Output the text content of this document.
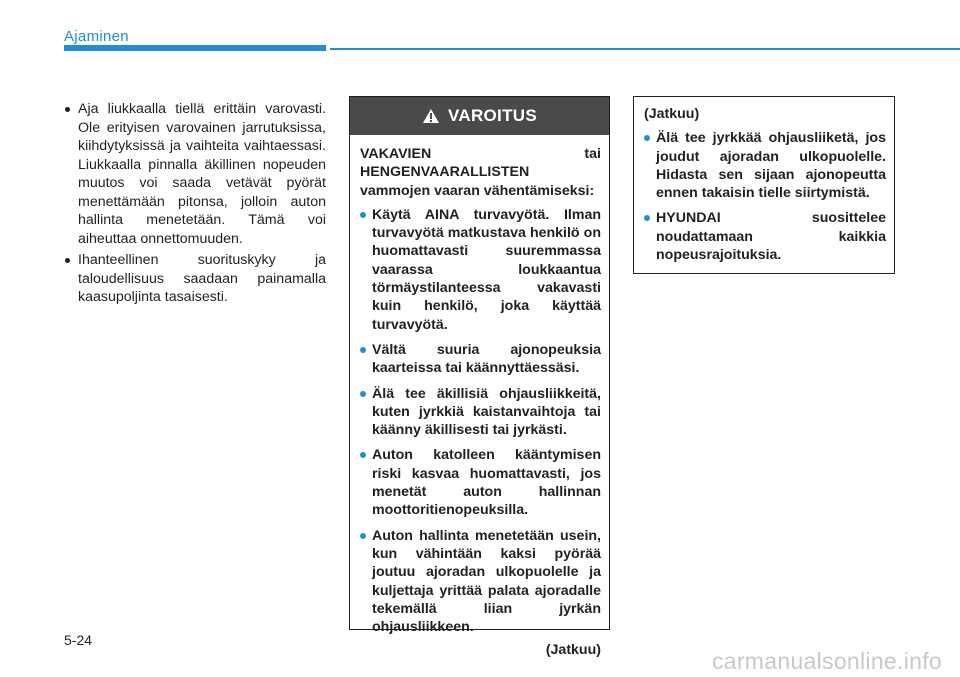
Ajaminen
Aja liukkaalla tiellä erittäin varovasti. Ole erityisen varovainen jarrutuksissa, kiihdytyksissä ja vaihteita vaihtaessasi. Liukkaalla pinnalla äkillinen nopeuden muutos voi saada vetävät pyörät menettämään pitonsa, jolloin auton hallinta menetetään. Tämä voi aiheuttaa onnettomuuden.
Ihanteellinen suorituskyky ja taloudellisuus saadaan painamalla kaasupoljinta tasaisesti.
VAROITUS
VAKAVIEN tai HENGENVAARALLISTEN vammojen vaaran vähentämiseksi:
Käytä AINA turvavyötä. Ilman turvavyötä matkustava henkilö on huomattavasti suuremmassa vaarassa loukkaantua törmäystilanteessa vakavasti kuin henkilö, joka käyttää turvavyötä.
Vältä suuria ajonopeuksia kaarteissa tai käännyttäessäsi.
Älä tee äkillisiä ohjausliikkeitä, kuten jyrkkiä kaistanvaihtoja tai käänny äkillisesti tai jyrkästi.
Auton katolleen kääntymisen riski kasvaa huomattavasti, jos menetät auton hallinnan moottoritienopeuksilla.
Auton hallinta menetetään usein, kun vähintään kaksi pyörää joutuu ajoradan ulkopuolelle ja kuljettaja yrittää palata ajoradalle tekemällä liian jyrkän ohjausliikkeen.
(Jatkuu)
(Jatkuu)
Älä tee jyrkkää ohjausliiketä, jos joudut ajoradan ulkopuolelle. Hidasta sen sijaan ajonopeutta ennen takaisin tielle siirtymistä.
HYUNDAI suosittelee noudattamaan kaikkia nopeusrajoituksia.
5-24
carmanualsonline.info
